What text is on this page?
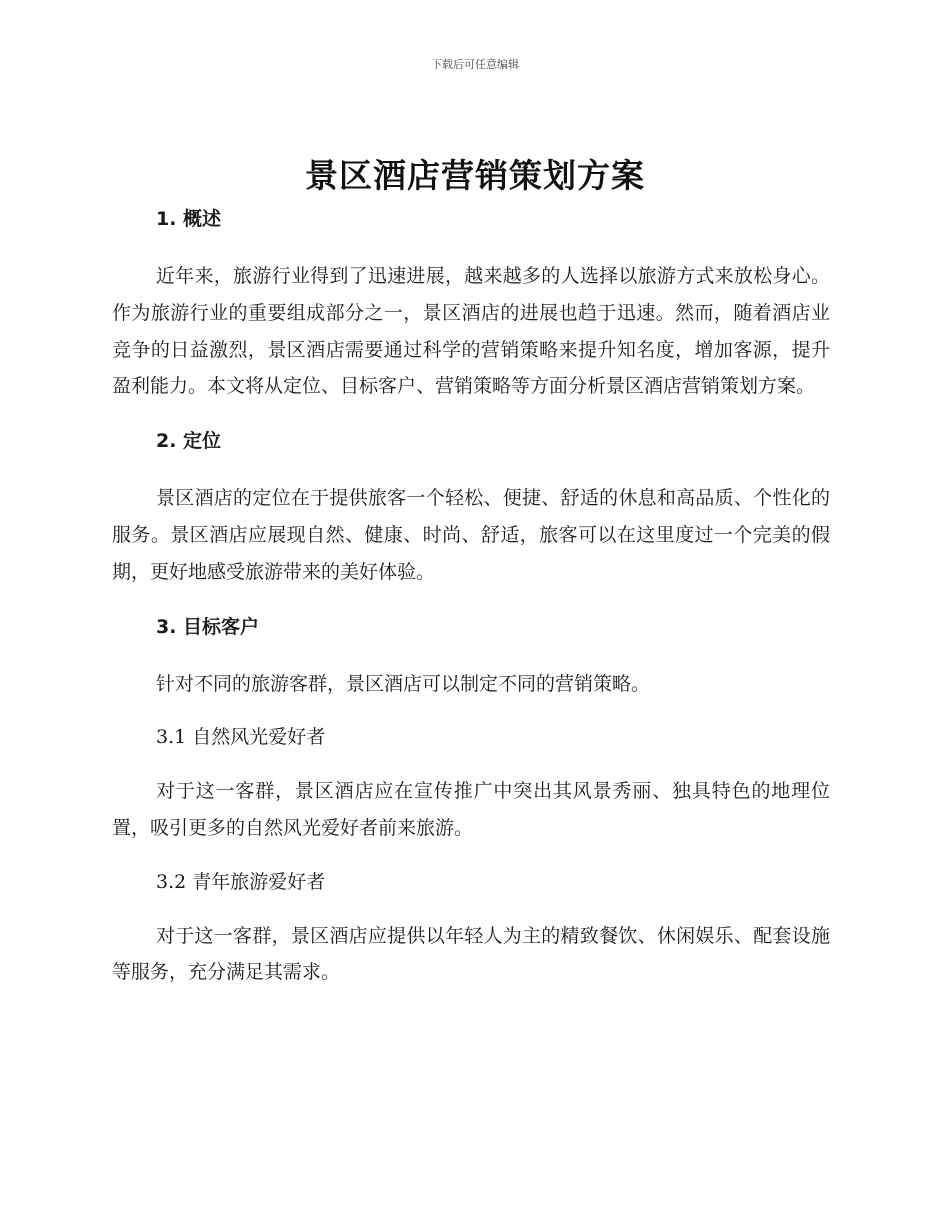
下载后可任意编辑
景区酒店营销策划方案
1. 概述

近年来，旅游行业得到了迅速进展，越来越多的人选择以旅游方式来放松身心。作为旅游行业的重要组成部分之一，景区酒店的进展也趋于迅速。然而，随着酒店业竞争的日益激烈，景区酒店需要通过科学的营销策略来提升知名度，增加客源，提升盈利能力。本文将从定位、目标客户、营销策略等方面分析景区酒店营销策划方案。

2. 定位

景区酒店的定位在于提供旅客一个轻松、便捷、舒适的休息和高品质、个性化的服务。景区酒店应展现自然、健康、时尚、舒适，旅客可以在这里度过一个完美的假期，更好地感受旅游带来的美好体验。

3. 目标客户

针对不同的旅游客群，景区酒店可以制定不同的营销策略。

3.1 自然风光爱好者

对于这一客群，景区酒店应在宣传推广中突出其风景秀丽、独具特色的地理位置，吸引更多的自然风光爱好者前来旅游。

3.2 青年旅游爱好者

对于这一客群，景区酒店应提供以年轻人为主的精致餐饮、休闲娱乐、配套设施等服务，充分满足其需求。
